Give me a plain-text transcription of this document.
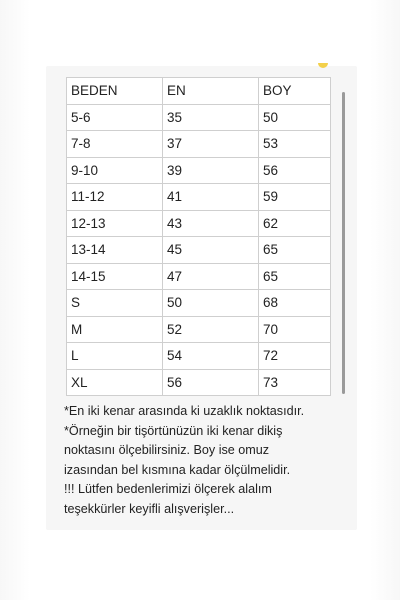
BEDEN	EN	BOY
5-6	35	50
7-8	37	53
9-10	39	56
11-12	41	59
12-13	43	62
13-14	45	65
14-15	47	65
S	50	68
M	52	70
L	54	72
XL	56	73

*En iki kenar arasında ki uzaklık noktasıdır.

*Örneğin bir tişörtünüzün iki kenar dikiş

noktasını ölçebilirsiniz. Boy ise omuz

izasından bel kısmına kadar ölçülmelidir.

!!! Lütfen bedenlerimizi ölçerek alalım

teşekkürler keyifli alışverişler...
